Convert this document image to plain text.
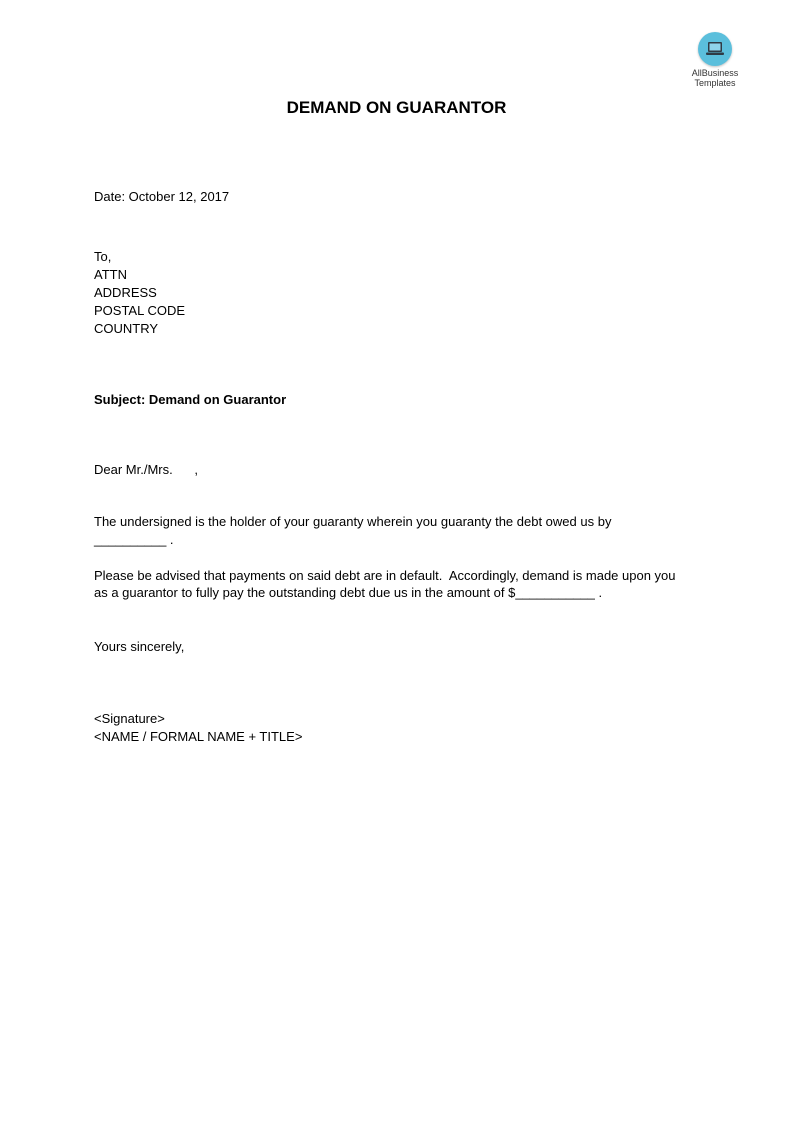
AllBusiness
Templates
DEMAND ON GUARANTOR
Date: October 12, 2017
To,
ATTN
ADDRESS
POSTAL CODE
COUNTRY
Subject: Demand on Guarantor
Dear Mr./Mrs.      ,
The undersigned is the holder of your guaranty wherein you guaranty the debt owed us by
__________ .
Please be advised that payments on said debt are in default.  Accordingly, demand is made upon you
as a guarantor to fully pay the outstanding debt due us in the amount of $___________ .
Yours sincerely,
<Signature>
<NAME / FORMAL NAME + TITLE>
